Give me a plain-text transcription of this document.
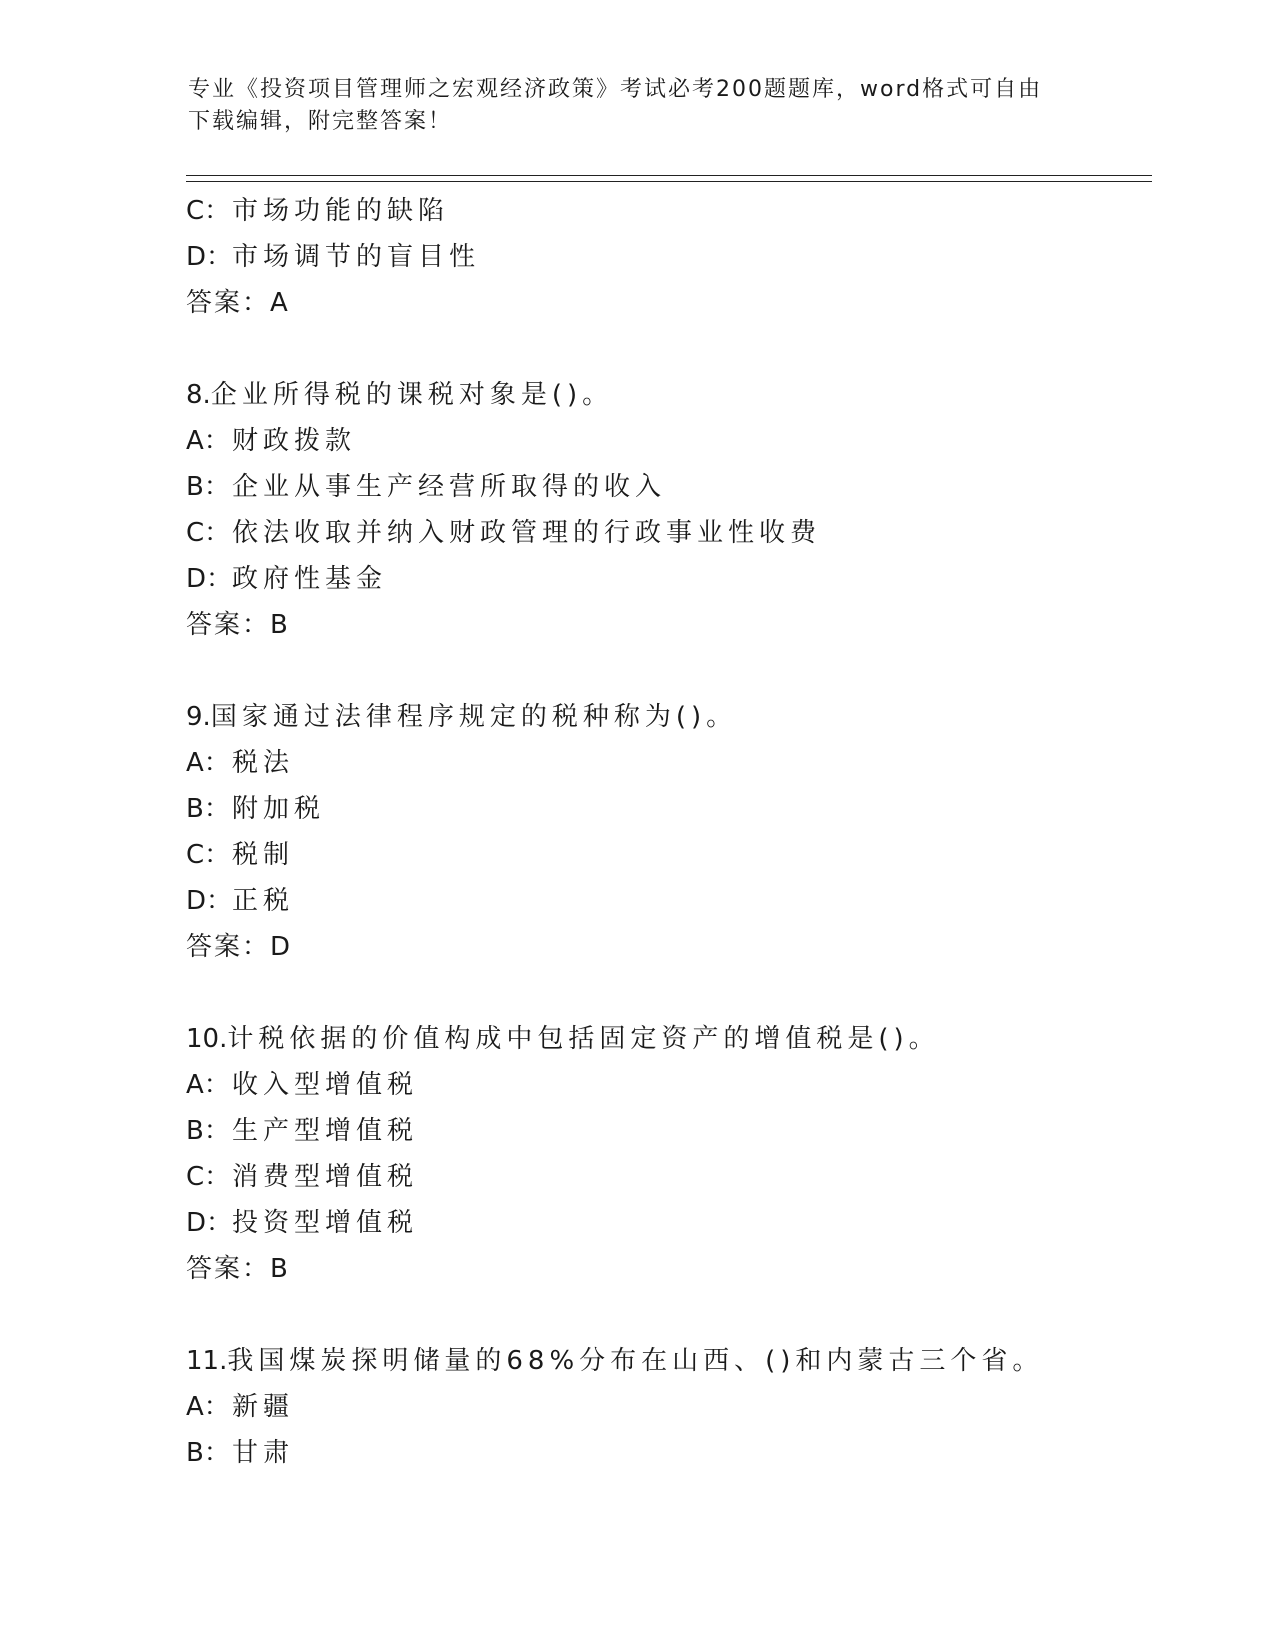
专业《投资项目管理师之宏观经济政策》考试必考200题题库，word格式可自由
下载编辑，附完整答案！
C：市场功能的缺陷
D：市场调节的盲目性
答案：A
8.企业所得税的课税对象是()。
A：财政拨款
B：企业从事生产经营所取得的收入
C：依法收取并纳入财政管理的行政事业性收费
D：政府性基金
答案：B
9.国家通过法律程序规定的税种称为()。
A：税法
B：附加税
C：税制
D：正税
答案：D
10.计税依据的价值构成中包括固定资产的增值税是()。
A：收入型增值税
B：生产型增值税
C：消费型增值税
D：投资型增值税
答案：B
11.我国煤炭探明储量的68%分布在山西、()和内蒙古三个省。
A：新疆
B：甘肃
